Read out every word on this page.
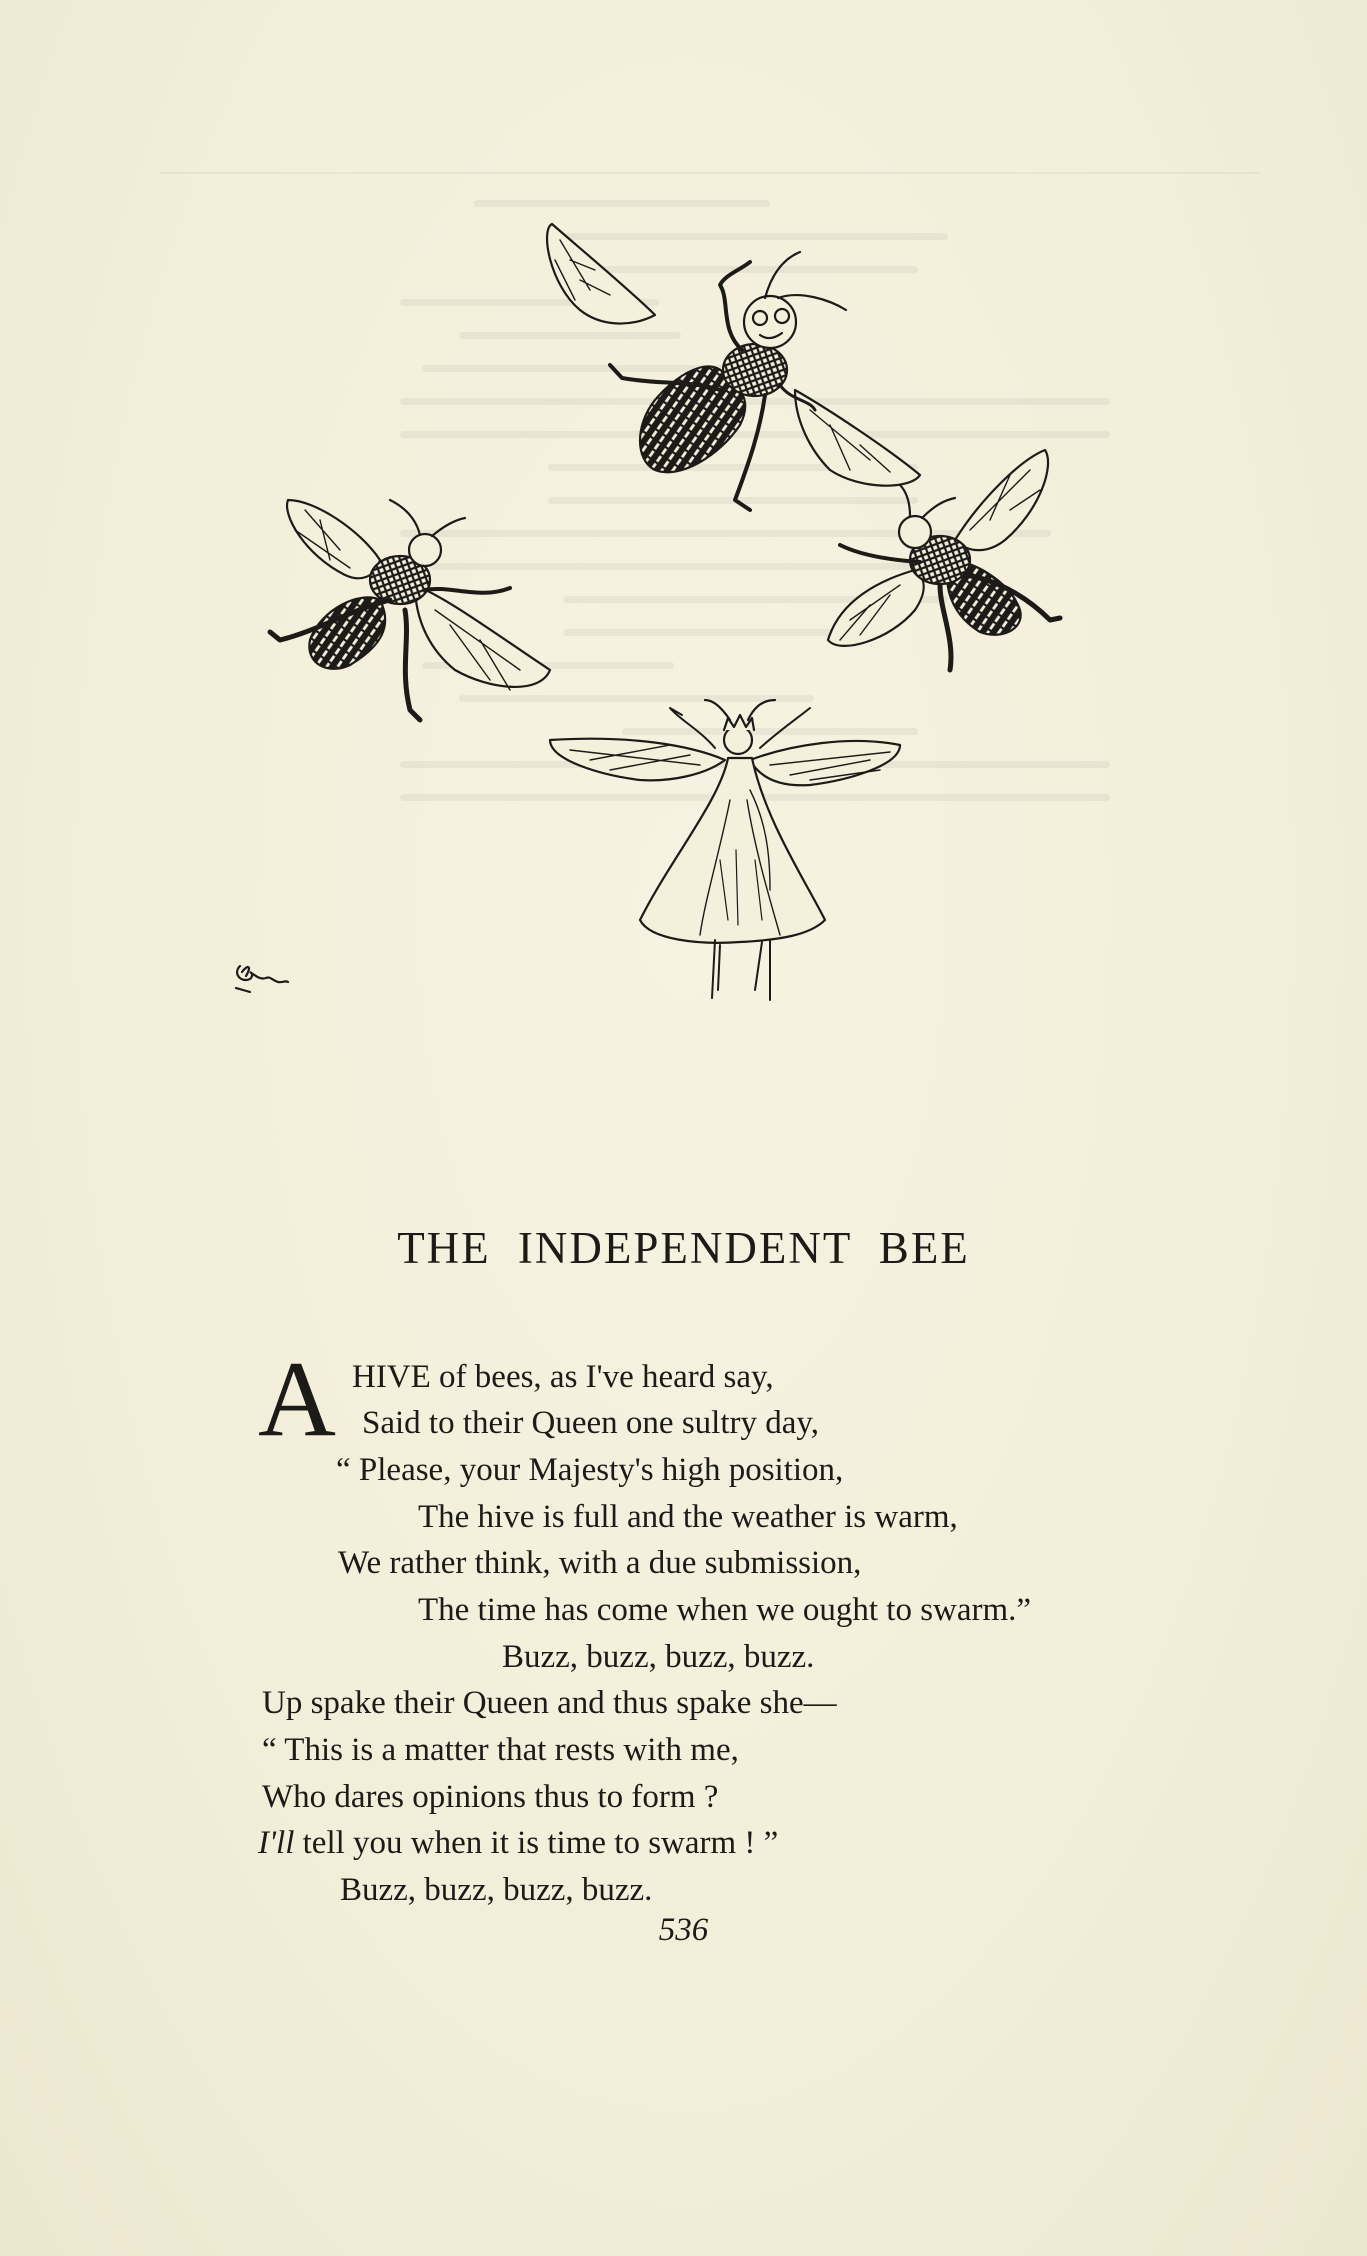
THE INDEPENDENT BEE
A HIVE of bees, as I've heard say,
Said to their Queen one sultry day,
“ Please, your Majesty's high position,
The hive is full and the weather is warm,
We rather think, with a due submission,
The time has come when we ought to swarm.”
Buzz, buzz, buzz, buzz.
Up spake their Queen and thus spake she—
“ This is a matter that rests with me,
Who dares opinions thus to form ?
I'll tell you when it is time to swarm ! ”
Buzz, buzz, buzz, buzz.
536
